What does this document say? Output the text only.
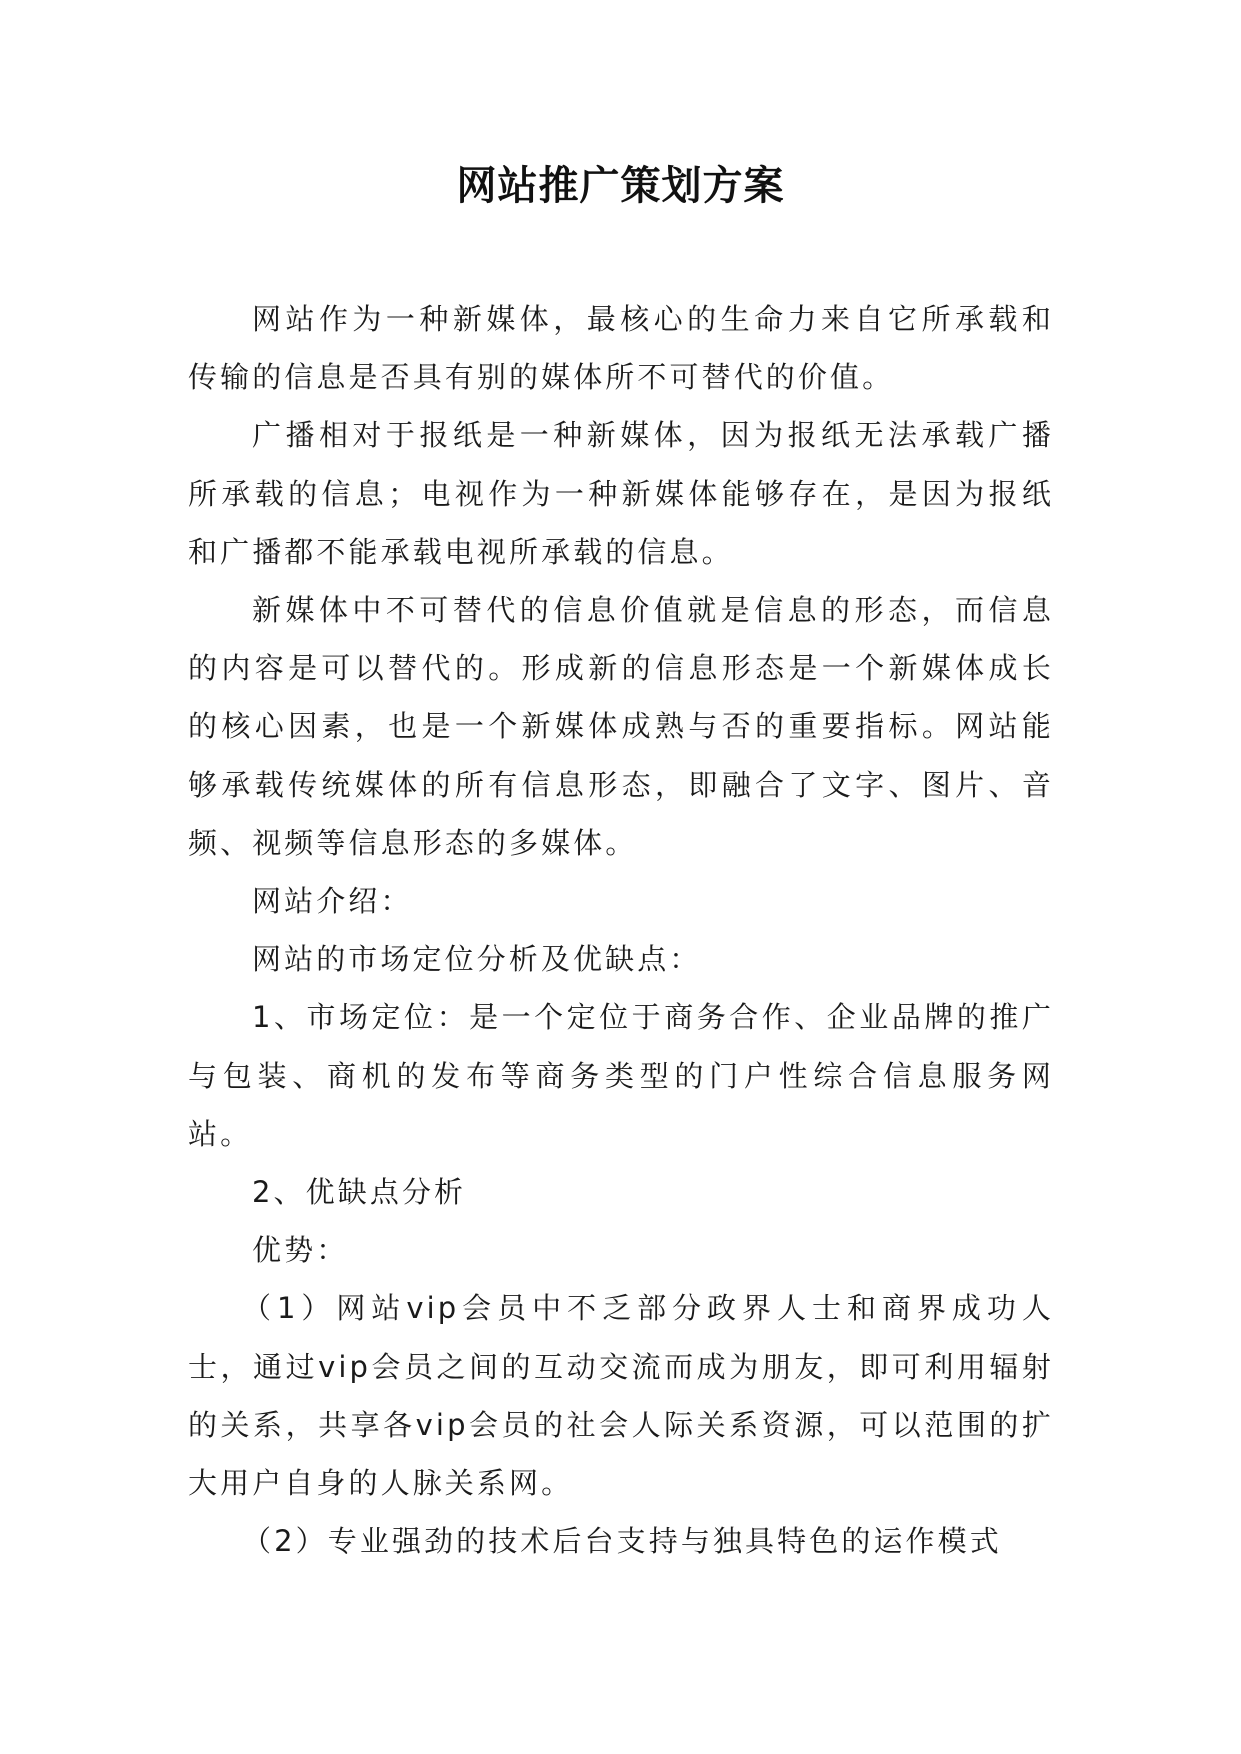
网站推广策划方案

网站作为一种新媒体，最核心的生命力来自它所承载和传输的信息是否具有别的媒体所不可替代的价值。

广播相对于报纸是一种新媒体，因为报纸无法承载广播所承载的信息；电视作为一种新媒体能够存在，是因为报纸和广播都不能承载电视所承载的信息。

新媒体中不可替代的信息价值就是信息的形态，而信息的内容是可以替代的。形成新的信息形态是一个新媒体成长的核心因素，也是一个新媒体成熟与否的重要指标。网站能够承载传统媒体的所有信息形态，即融合了文字、图片、音频、视频等信息形态的多媒体。

网站介绍：

网站的市场定位分析及优缺点：

1、市场定位：是一个定位于商务合作、企业品牌的推广与包装、商机的发布等商务类型的门户性综合信息服务网站。

2、优缺点分析

优势：

（1）网站vip会员中不乏部分政界人士和商界成功人士，通过vip会员之间的互动交流而成为朋友，即可利用辐射的关系，共享各vip会员的社会人际关系资源，可以范围的扩大用户自身的人脉关系网。

（2）专业强劲的技术后台支持与独具特色的运作模式
